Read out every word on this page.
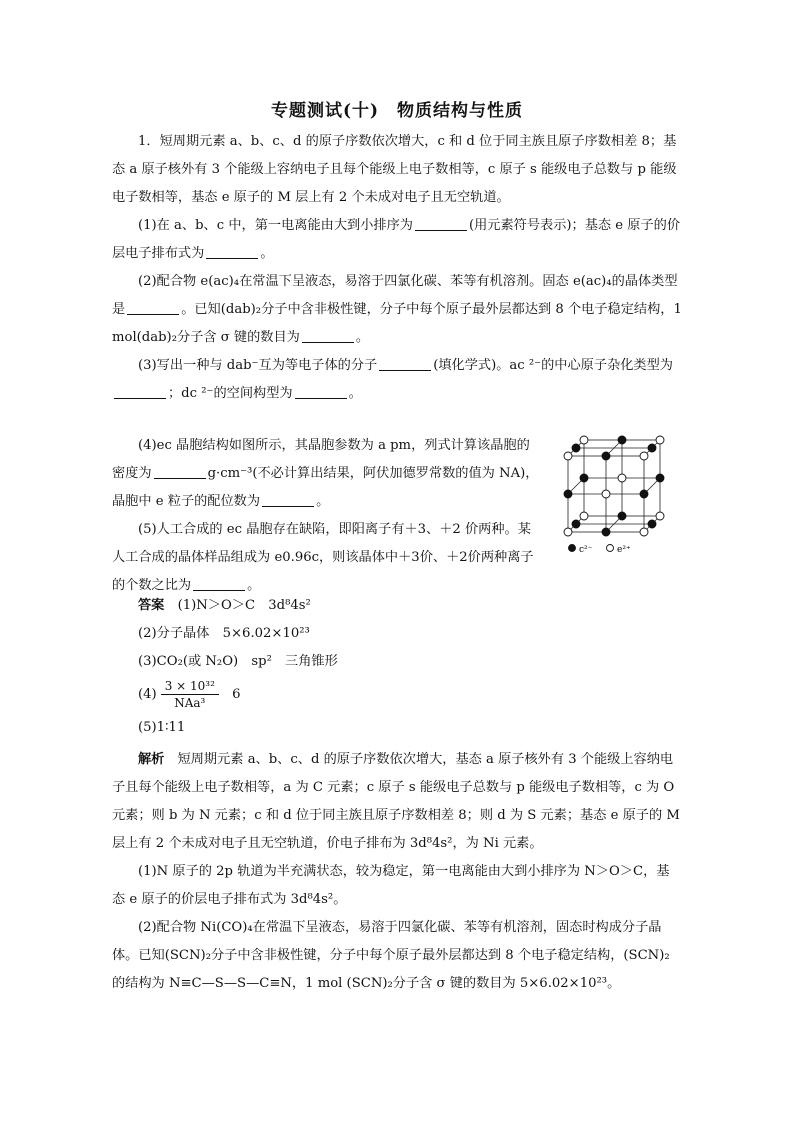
专题测试(十)　物质结构与性质

1．短周期元素 a、b、c、d 的原子序数依次增大，c 和 d 位于同主族且原子序数相差 8；基态 a 原子核外有 3 个能级上容纳电子且每个能级上电子数相等，c 原子 s 能级电子总数与 p 能级电子数相等，基态 e 原子的 M 层上有 2 个未成对电子且无空轨道。

(1)在 a、b、c 中，第一电离能由大到小排序为	(用元素符号表示)；基态 e 原子的价层电子排布式为	。

(2)配合物 e(ac)₄在常温下呈液态，易溶于四氯化碳、苯等有机溶剂。固态 e(ac)₄的晶体类型是	。已知(dab)₂分子中含非极性键，分子中每个原子最外层都达到 8 个电子稳定结构，1 mol(dab)₂分子含 σ 键的数目为	。

(3)写出一种与 dab⁻互为等电子体的分子	(填化学式)。ac ²⁻的中心原子杂化类型为；dc ²⁻的空间构型为	。

(4)ec 晶胞结构如图所示，其晶胞参数为 a pm，列式计算该晶胞的密度为	g·cm⁻³(不必计算出结果，阿伏加德罗常数的值为 NA)，晶胞中 e 粒子的配位数为	。

(5)人工合成的 ec 晶胞存在缺陷，即阳离子有＋3、＋2 价两种。某人工合成的晶体样品组成为 e0.96c，则该晶体中＋3价、＋2价两种离子的个数之比为	。

c²⁻	e²⁺

答案　 (1)N＞O＞C　3d⁸4s²

(2)分子晶体　5×6.02×10²³

(3)CO₂(或 N₂O)　sp²　三角锥形

$(4) \frac{\text{3 × 10³²}}{\text{NAa³}}$
　 6

(5)1∶11

解析　 短周期元素 a、b、c、d 的原子序数依次增大，基态 a 原子核外有 3 个能级上容纳电子且每个能级上电子数相等，a 为 C 元素；c 原子 s 能级电子总数与 p 能级电子数相等，c 为 O 元素；则 b 为 N 元素；c 和 d 位于同主族且原子序数相差 8；则 d 为 S 元素；基态 e 原子的 M 层上有 2 个未成对电子且无空轨道，价电子排布为 3d⁸4s²，为 Ni 元素。

(1)N 原子的 2p 轨道为半充满状态，较为稳定，第一电离能由大到小排序为 N＞O＞C，基态 e 原子的价层电子排布式为 3d⁸4s²。

(2)配合物 Ni(CO)₄在常温下呈液态，易溶于四氯化碳、苯等有机溶剂，固态时构成分子晶体。已知(SCN)₂分子中含非极性键，分子中每个原子最外层都达到 8 个电子稳定结构，(SCN)₂的结构为 N≡C—S—S—C≡N，1 mol (SCN)₂分子含 σ 键的数目为 5×6.02×10²³。
